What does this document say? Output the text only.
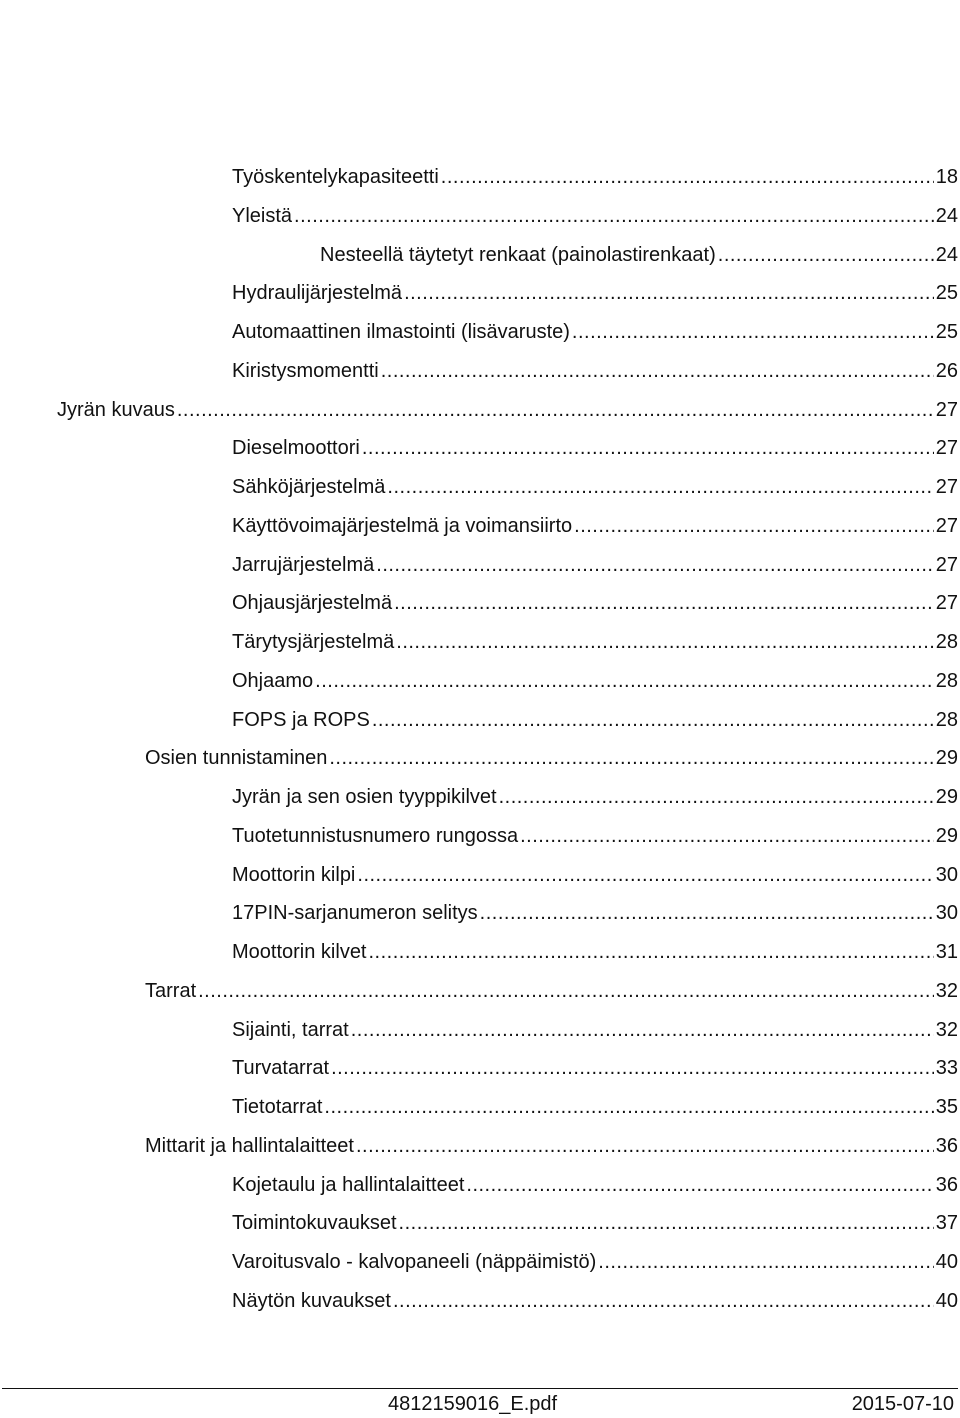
Työskentelykapasiteetti .....	18
Yleistä .....	24
Nesteellä täytetyt renkaat (painolastirenkaat) .....	24
Hydraulijärjestelmä .....	25
Automaattinen ilmastointi (lisävaruste) .....	25
Kiristysmomentti .....	26
Jyrän kuvaus .....	27
Dieselmoottori .....	27
Sähköjärjestelmä .....	27
Käyttövoimajärjestelmä ja voimansiirto .....	27
Jarrujärjestelmä .....	27
Ohjausjärjestelmä .....	27
Tärytysjärjestelmä .....	28
Ohjaamo .....	28
FOPS ja ROPS .....	28
Osien tunnistaminen .....	29
Jyrän ja sen osien tyyppikilvet .....	29
Tuotetunnistusnumero rungossa .....	29
Moottorin kilpi .....	30
17PIN-sarjanumeron selitys .....	30
Moottorin kilvet .....	31
Tarrat .....	32
Sijainti, tarrat .....	32
Turvatarrat .....	33
Tietotarrat .....	35
Mittarit ja hallintalaitteet .....	36
Kojetaulu ja hallintalaitteet .....	36
Toimintokuvaukset .....	37
Varoitusvalo - kalvopaneeli (näppäimistö) .....	40
Näytön kuvaukset .....	40
4812159016_E.pdf	2015-07-10
